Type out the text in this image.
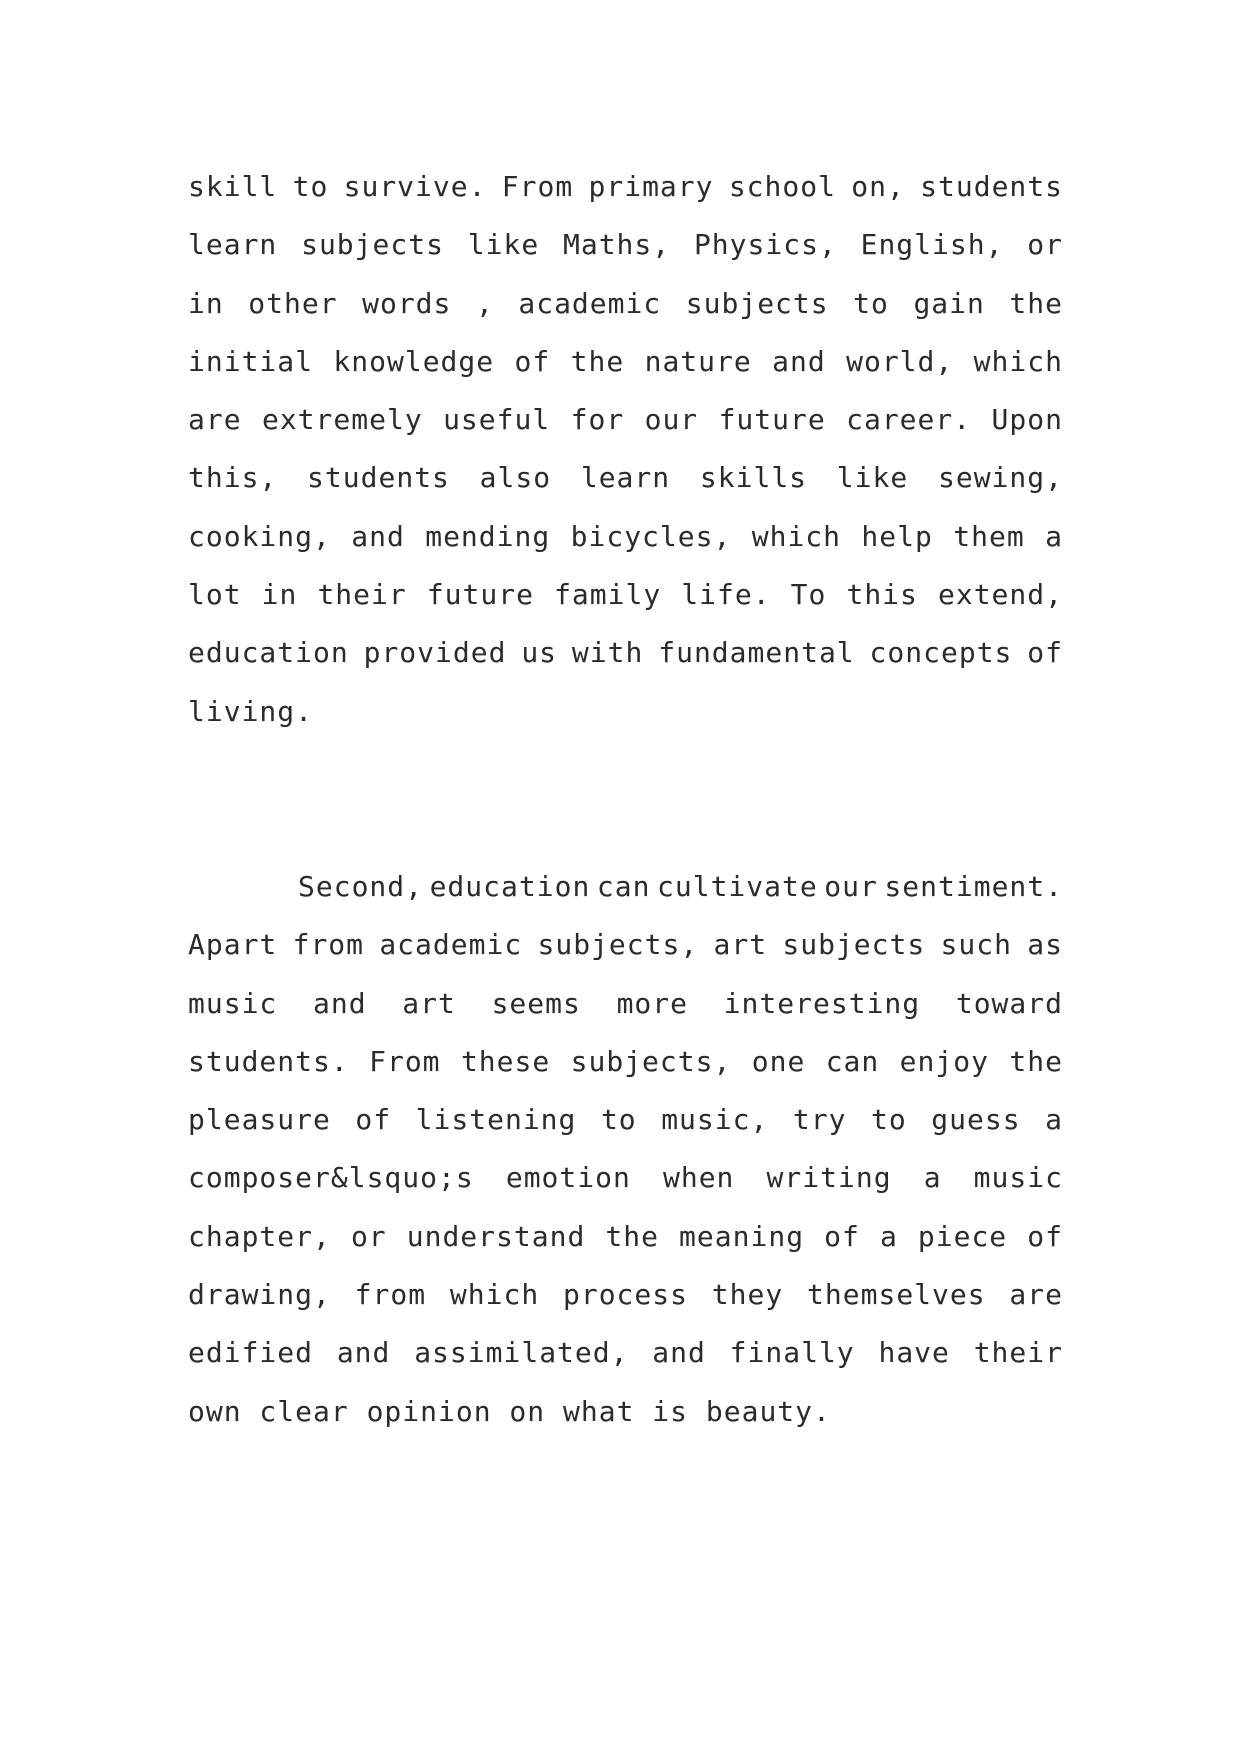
skill to survive. From primary school on, students
learn subjects like Maths, Physics, English, or
in other words , academic subjects to gain the
initial knowledge of the nature and world, which
are extremely useful for our future career. Upon
this, students also learn skills like sewing,
cooking, and mending bicycles, which help them a
lot in their future family life. To this extend,
education provided us with fundamental concepts of
living.
Second, education can cultivate our sentiment.
Apart from academic subjects, art subjects such as
music and art seems more interesting toward
students. From these subjects, one can enjoy the
pleasure of listening to music, try to guess a
composer&lsquo;s emotion when writing a music
chapter, or understand the meaning of a piece of
drawing, from which process they themselves are
edified and assimilated, and finally have their
own clear opinion on what is beauty.
